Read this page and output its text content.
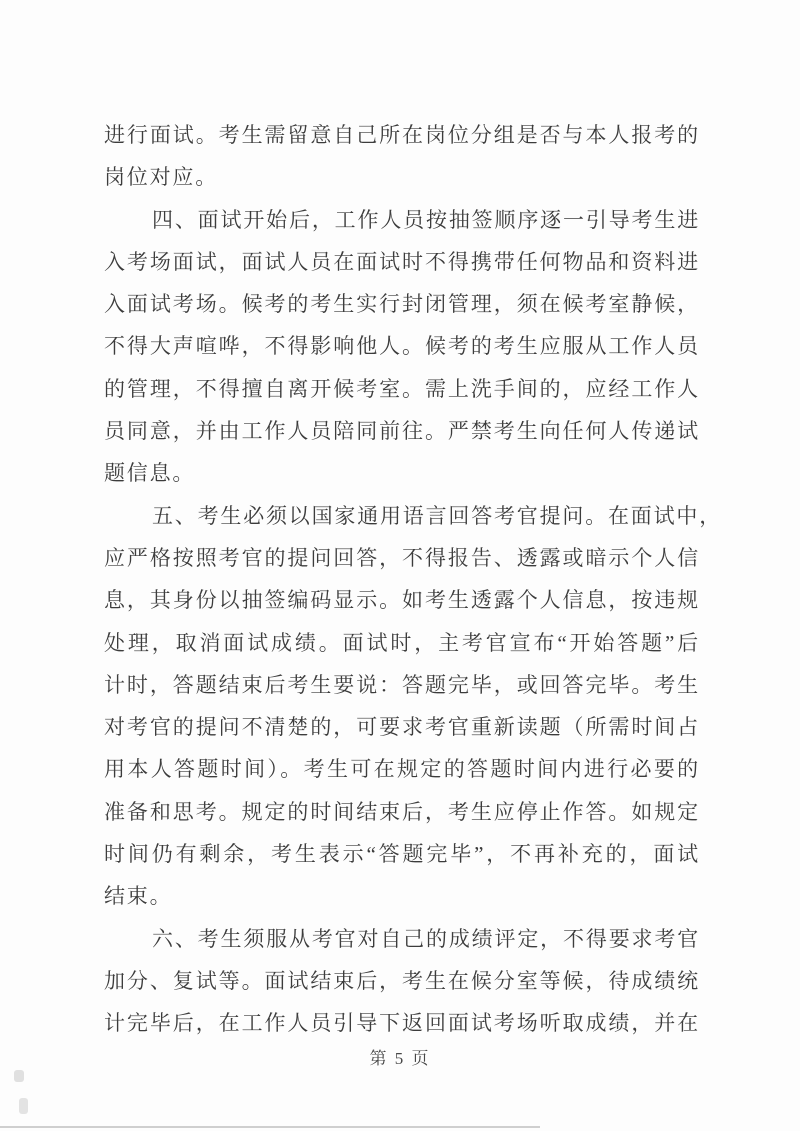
进行面试。考生需留意自己所在岗位分组是否与本人报考的
岗位对应。
四、面试开始后，工作人员按抽签顺序逐一引导考生进
入考场面试，面试人员在面试时不得携带任何物品和资料进
入面试考场。候考的考生实行封闭管理，须在候考室静候，
不得大声喧哗，不得影响他人。候考的考生应服从工作人员
的管理，不得擅自离开候考室。需上洗手间的，应经工作人
员同意，并由工作人员陪同前往。严禁考生向任何人传递试
题信息。
五、考生必须以国家通用语言回答考官提问。在面试中，
应严格按照考官的提问回答，不得报告、透露或暗示个人信
息，其身份以抽签编码显示。如考生透露个人信息，按违规
处理，取消面试成绩。面试时，主考官宣布“开始答题”后
计时，答题结束后考生要说：答题完毕，或回答完毕。考生
对考官的提问不清楚的，可要求考官重新读题（所需时间占
用本人答题时间）。考生可在规定的答题时间内进行必要的
准备和思考。规定的时间结束后，考生应停止作答。如规定
时间仍有剩余，考生表示“答题完毕”，不再补充的，面试
结束。
六、考生须服从考官对自己的成绩评定，不得要求考官
加分、复试等。面试结束后，考生在候分室等候，待成绩统
计完毕后，在工作人员引导下返回面试考场听取成绩，并在
第 5 页
